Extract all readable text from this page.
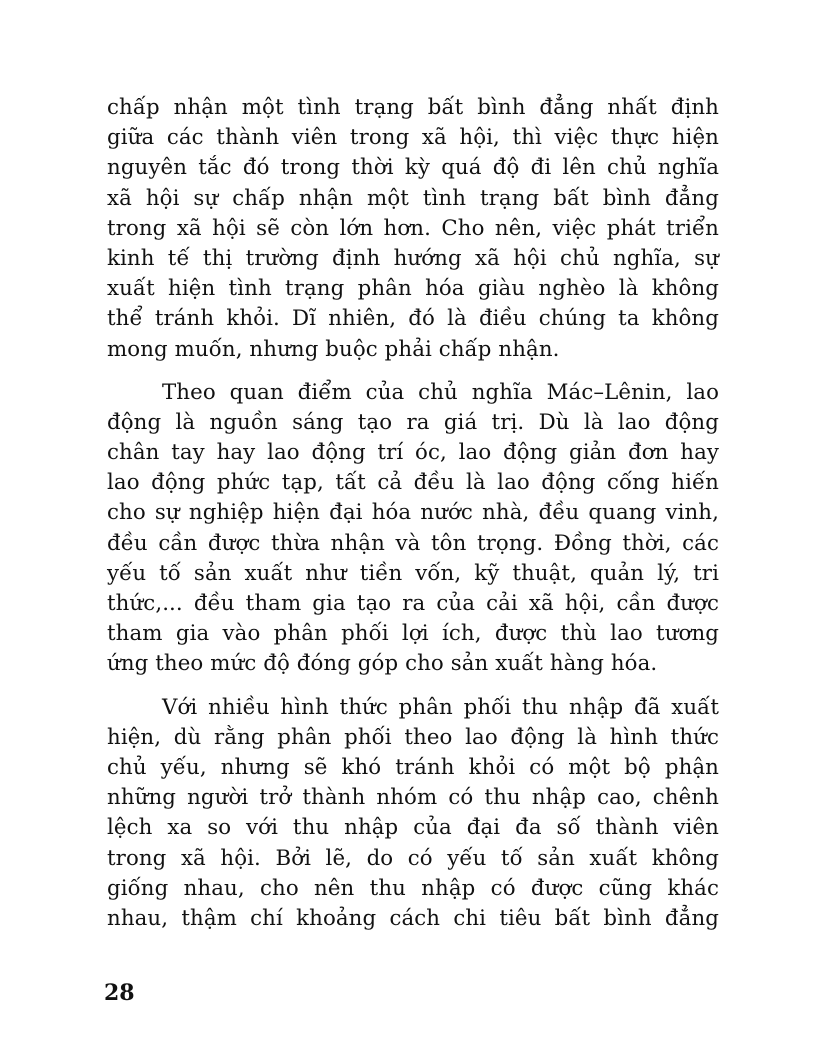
chấp nhận một tình trạng bất bình đẳng nhất định
giữa các thành viên trong xã hội, thì việc thực hiện
nguyên tắc đó trong thời kỳ quá độ đi lên chủ nghĩa
xã hội sự chấp nhận một tình trạng bất bình đẳng
trong xã hội sẽ còn lớn hơn. Cho nên, việc phát triển
kinh tế thị trường định hướng xã hội chủ nghĩa, sự
xuất hiện tình trạng phân hóa giàu nghèo là không
thể tránh khỏi. Dĩ nhiên, đó là điều chúng ta không
mong muốn, nhưng buộc phải chấp nhận.
Theo quan điểm của chủ nghĩa Mác–Lênin, lao
động là nguồn sáng tạo ra giá trị. Dù là lao động
chân tay hay lao động trí óc, lao động giản đơn hay
lao động phức tạp, tất cả đều là lao động cống hiến
cho sự nghiệp hiện đại hóa nước nhà, đều quang vinh,
đều cần được thừa nhận và tôn trọng. Đồng thời, các
yếu tố sản xuất như tiền vốn, kỹ thuật, quản lý, tri
thức,... đều tham gia tạo ra của cải xã hội, cần được
tham gia vào phân phối lợi ích, được thù lao tương
ứng theo mức độ đóng góp cho sản xuất hàng hóa.
Với nhiều hình thức phân phối thu nhập đã xuất
hiện, dù rằng phân phối theo lao động là hình thức
chủ yếu, nhưng sẽ khó tránh khỏi có một bộ phận
những người trở thành nhóm có thu nhập cao, chênh
lệch xa so với thu nhập của đại đa số thành viên
trong xã hội. Bởi lẽ, do có yếu tố sản xuất không
giống nhau, cho nên thu nhập có được cũng khác
nhau, thậm chí khoảng cách chi tiêu bất bình đẳng
28
